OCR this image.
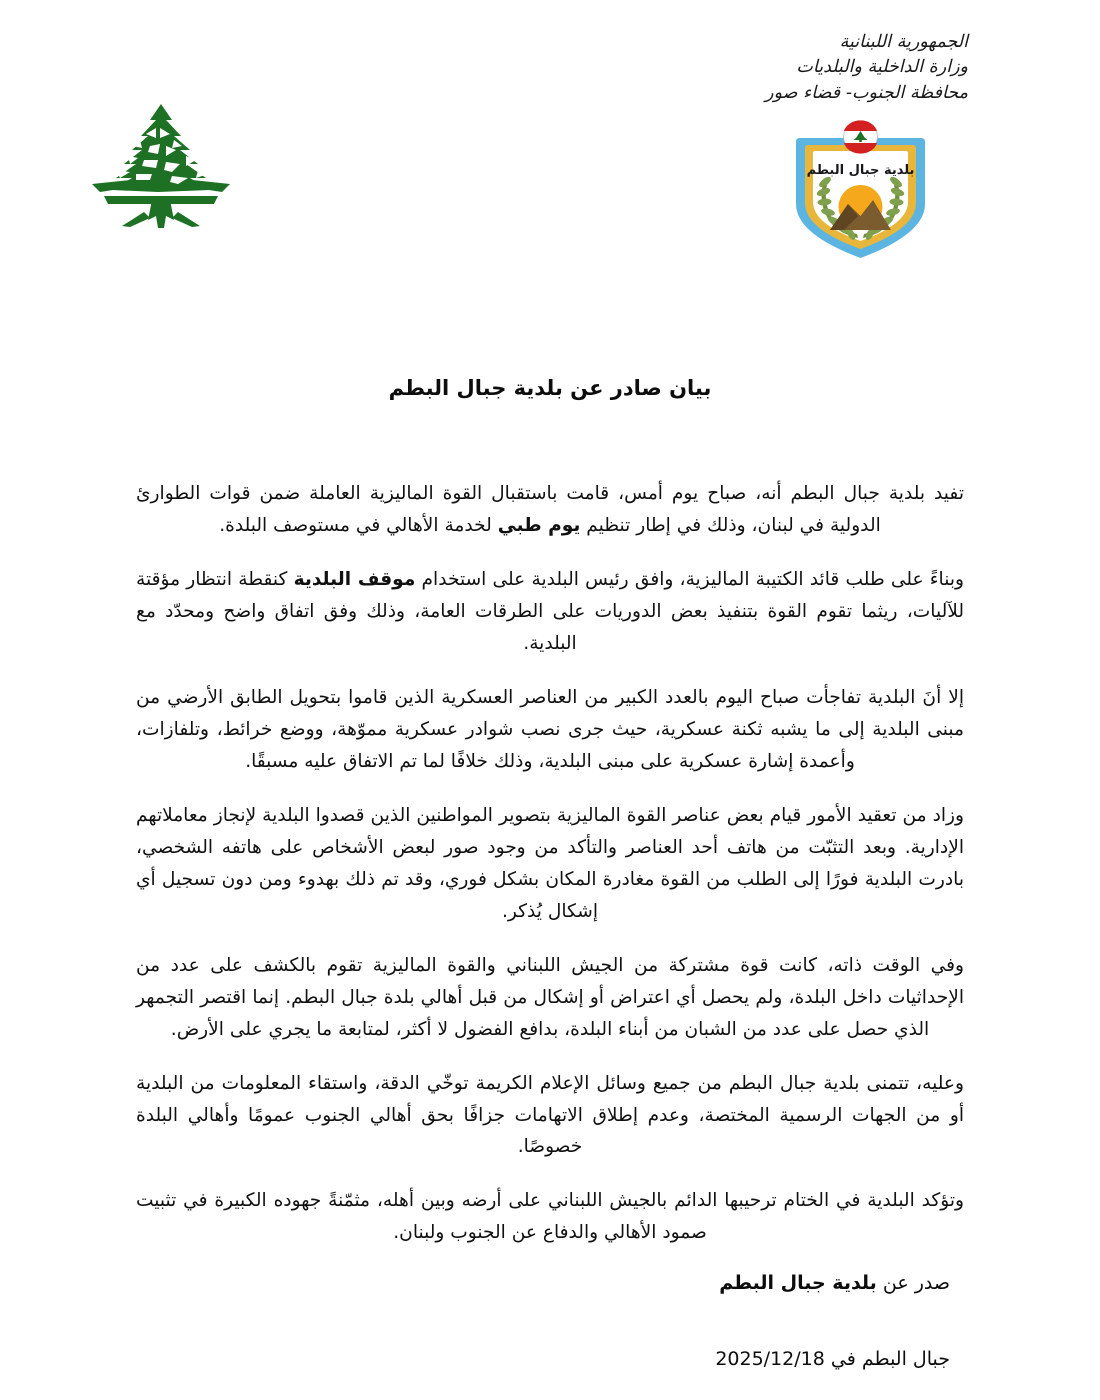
الجمهورية اللبنانية
وزارة الداخلية والبلديات
محافظة الجنوب- قضاء صور
بلدية جبال البطم
بيان صادر عن بلدية جبال البطم

تفيد بلدية جبال البطم أنه، صباح يوم أمس، قامت باستقبال القوة الماليزية العاملة ضمن قوات الطوارئ الدولية في لبنان، وذلك في إطار تنظيم يوم طبي لخدمة الأهالي في مستوصف البلدة.

وبناءً على طلب قائد الكتيبة الماليزية، وافق رئيس البلدية على استخدام موقف البلدية كنقطة انتظار مؤقتة للآليات، ريثما تقوم القوة بتنفيذ بعض الدوريات على الطرقات العامة، وذلك وفق اتفاق واضح ومحدّد مع البلدية.

إلا أنَ البلدية تفاجأت صباح اليوم بالعدد الكبير من العناصر العسكرية الذين قاموا بتحويل الطابق الأرضي من مبنى البلدية إلى ما يشبه ثكنة عسكرية، حيث جرى نصب شوادر عسكرية مموّهة، ووضع خرائط، وتلفازات، وأعمدة إشارة عسكرية على مبنى البلدية، وذلك خلافًا لما تم الاتفاق عليه مسبقًا.

وزاد من تعقيد الأمور قيام بعض عناصر القوة الماليزية بتصوير المواطنين الذين قصدوا البلدية لإنجاز معاملاتهم الإدارية. وبعد التثبّت من هاتف أحد العناصر والتأكد من وجود صور لبعض الأشخاص على هاتفه الشخصي، بادرت البلدية فورًا إلى الطلب من القوة مغادرة المكان بشكل فوري، وقد تم ذلك بهدوء ومن دون تسجيل أي إشكال يُذكر.

وفي الوقت ذاته، كانت قوة مشتركة من الجيش اللبناني والقوة الماليزية تقوم بالكشف على عدد من الإحداثيات داخل البلدة، ولم يحصل أي اعتراض أو إشكال من قبل أهالي بلدة جبال البطم. إنما اقتصر التجمهر الذي حصل على عدد من الشبان من أبناء البلدة، بدافع الفضول لا أكثر، لمتابعة ما يجري على الأرض.

وعليه، تتمنى بلدية جبال البطم من جميع وسائل الإعلام الكريمة توخّي الدقة، واستقاء المعلومات من البلدية أو من الجهات الرسمية المختصة، وعدم إطلاق الاتهامات جزافًا بحق أهالي الجنوب عمومًا وأهالي البلدة خصوصًا.

وتؤكد البلدية في الختام ترحيبها الدائم بالجيش اللبناني على أرضه وبين أهله، مثمّنةً جهوده الكبيرة في تثبيت صمود الأهالي والدفاع عن الجنوب ولبنان.

صدر عن بلدية جبال البطم
جبال البطم في 2025/12/18
